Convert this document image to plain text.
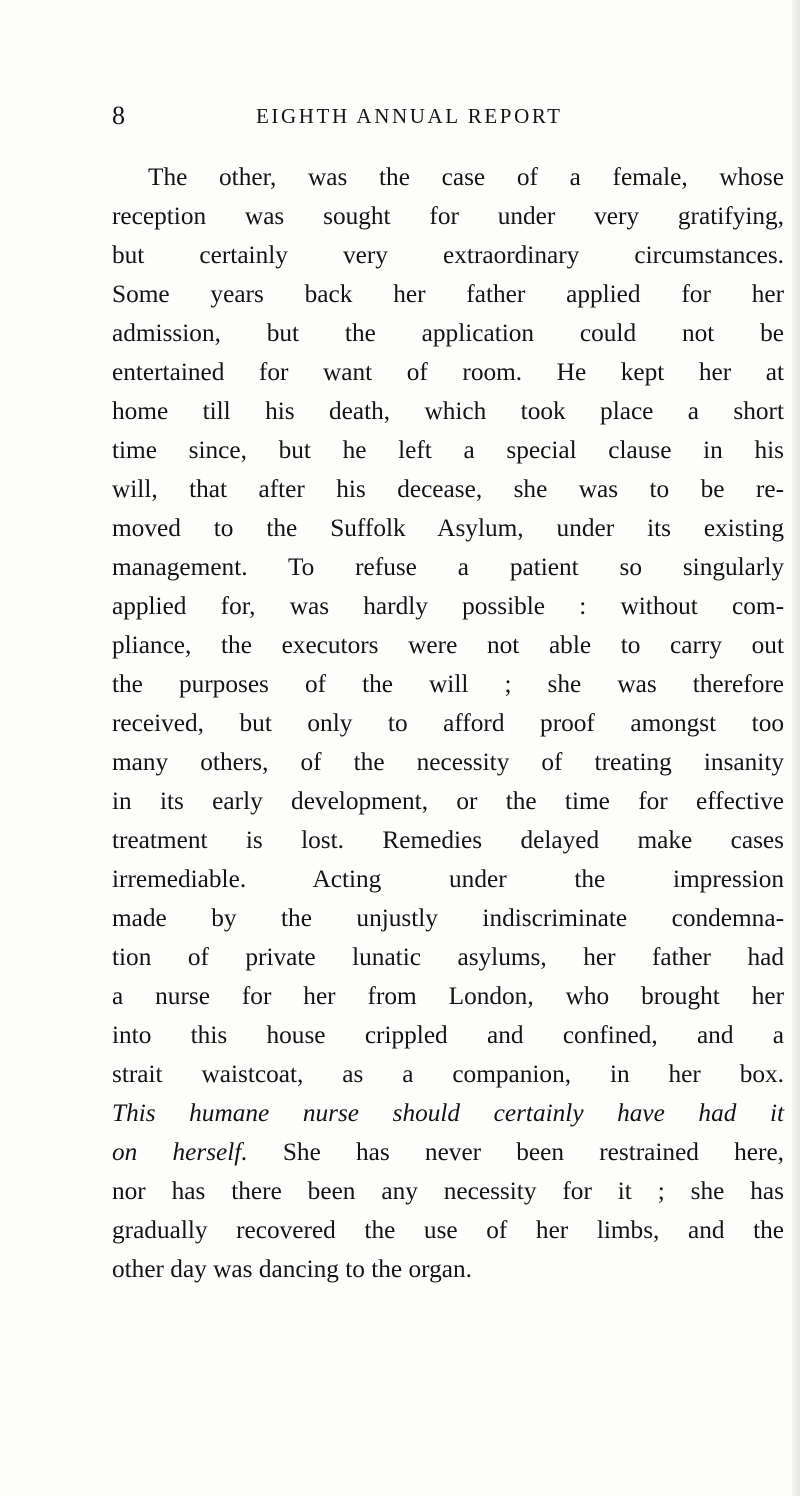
8	EIGHTH ANNUAL REPORT
The other, was the case of a female, whose
reception was sought for under very gratifying,
but certainly very extraordinary circumstances.
Some years back her father applied for her
admission, but the application could not be
entertained for want of room. He kept her at
home till his death, which took place a short
time since, but he left a special clause in his
will, that after his decease, she was to be re-
moved to the Suffolk Asylum, under its existing
management. To refuse a patient so singularly
applied for, was hardly possible : without com-
pliance, the executors were not able to carry out
the purposes of the will ; she was therefore
received, but only to afford proof amongst too
many others, of the necessity of treating insanity
in its early development, or the time for effective
treatment is lost. Remedies delayed make cases
irremediable. Acting under the impression
made by the unjustly indiscriminate condemna-
tion of private lunatic asylums, her father had
a nurse for her from London, who brought her
into this house crippled and confined, and a
strait waistcoat, as a companion, in her box.
This humane nurse should certainly have had it
on herself. She has never been restrained here,
nor has there been any necessity for it ; she has
gradually recovered the use of her limbs, and the
other day was dancing to the organ.
